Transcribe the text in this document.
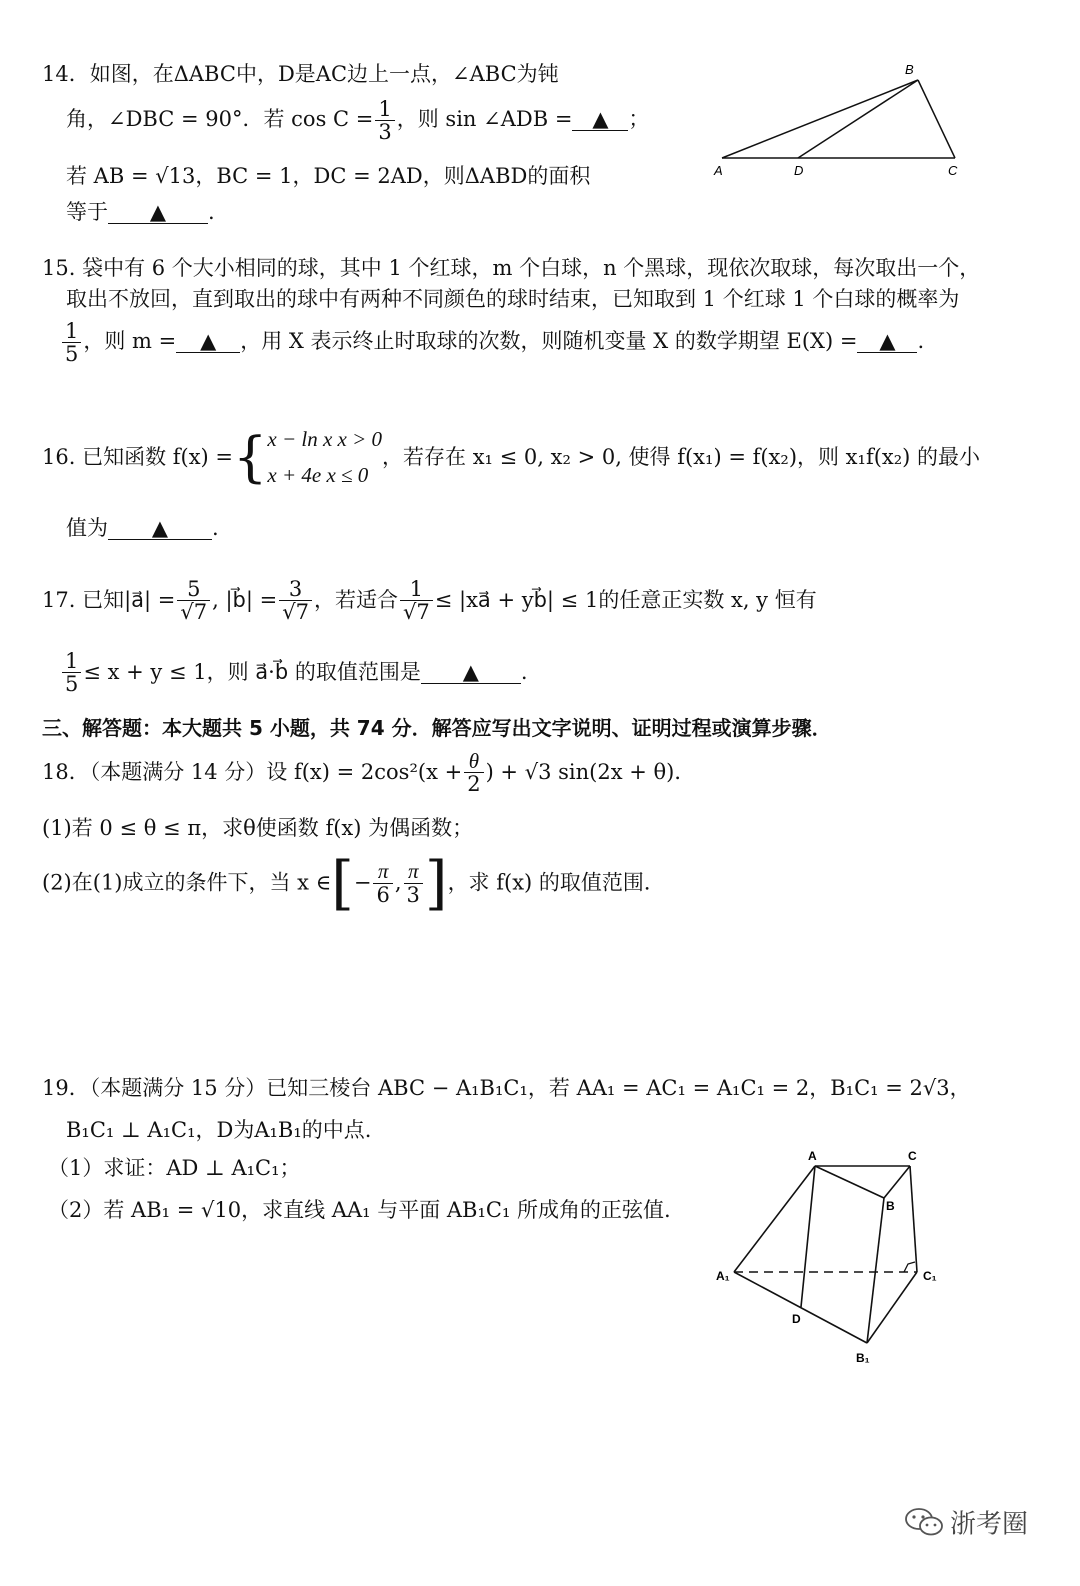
14．如图，在ΔABC中，D是AC边上一点，∠ABC为钝
角，∠DBC = 90°．若 $\cos C = \frac{1}{3}$ ，则 sin ∠ADB = ▲ ；
若 AB = √13，BC = 1，DC = 2AD，则ΔABD的面积
等于 ▲ .
B
A	D	C
15. 袋中有 6 个大小相同的球，其中 1 个红球，m 个白球，n 个黑球，现依次取球，每次取出一个，
取出不放回，直到取出的球中有两种不同颜色的球时结束，已知取到 1 个红球 1 个白球的概率为
$\frac{1}{5}$ ，则 m = ▲ ，用 X 表示终止时取球的次数，则随机变量 X 的数学期望 E(X) = ▲ .
16. 已知函数 f(x) ={ x − ln x x > 0
x + 4e x ≤ 0
，若存在 x₁ ≤ 0, x₂ > 0, 使得 f(x₁) = f(x₂)，则 x₁f(x₂) 的最小
值为 ▲ .
17. 已知|a⃗| = $\frac{5}{√7}$ , |b⃗| = $\frac{3}{√7}$ ，若适合 $\frac{1}{√7}$ ≤ |xa⃗ + yb⃗| ≤ 1的任意正实数 x, y 恒有
$\frac{1}{5} \le x + y \le 1$，则 a⃗·b⃗ 的取值范围是 ▲ .
三、解答题：本大题共 5 小题，共 74 分．解答应写出文字说明、证明过程或演算步骤．
18．（本题满分 14 分）设 $f(x) = 2\cos^2(x + \frac{\theta}{2}$ ) + √3 sin(2x + θ)．
(1)若 0 ≤ θ ≤ π，求θ使函数 f(x) 为偶函数；
(2)在(1)成立的条件下，当 x ∈[− $\frac{\pi}{6}$ , $\frac{\pi}{3}$ ]，求 f(x) 的取值范围．
19．（本题满分 15 分）已知三棱台 ABC − A₁B₁C₁，若 AA₁ = AC₁ = A₁C₁ = 2，B₁C₁ = 2√3，
B₁C₁ ⊥ A₁C₁，D为A₁B₁的中点.
（1）求证：AD ⊥ A₁C₁；
（2）若 AB₁ = √10，求直线 AA₁ 与平面 AB₁C₁ 所成角的正弦值.
A	C
B
A₁	C₁
D
B₁
浙考圈
